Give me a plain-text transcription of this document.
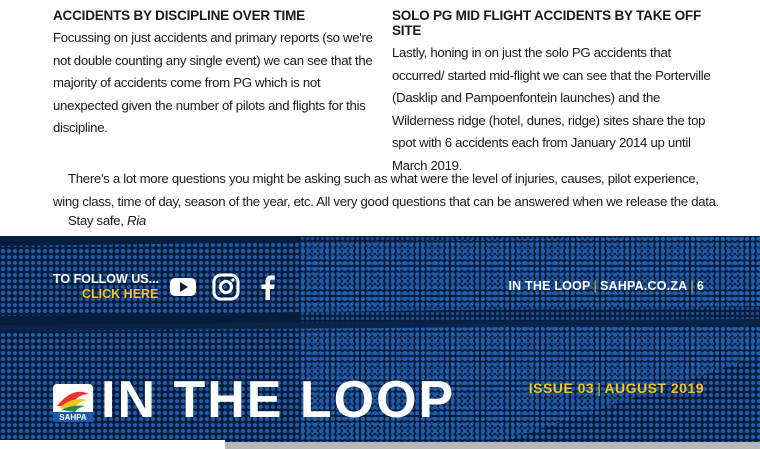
ACCIDENTS BY DISCIPLINE OVER TIME

Focussing on just accidents and primary reports (so we're not double counting any single event) we can see that the majority of accidents come from PG which is not unexpected given the number of pilots and flights for this discipline.

SOLO PG MID FLIGHT ACCIDENTS BY TAKE OFF SITE

Lastly, honing in on just the solo PG accidents that occurred/ started mid-flight we can see that the Porterville (Dasklip and Pampoenfontein launches) and the Wilderness ridge (hotel, dunes, ridge) sites share the top spot with 6 accidents each from January 2014 up until March 2019.

There's a lot more questions you might be asking such as what were the level of injuries, causes, pilot experience, wing class, time of day, season of the year, etc. All very good questions that can be answered when we release the data.
Stay safe, Ria
TO FOLLOW US...
CLICK HERE
IN THE LOOP | SAHPA.CO.ZA | 6
SAHPA IN THE LOOP	ISSUE 03 | AUGUST 2019
